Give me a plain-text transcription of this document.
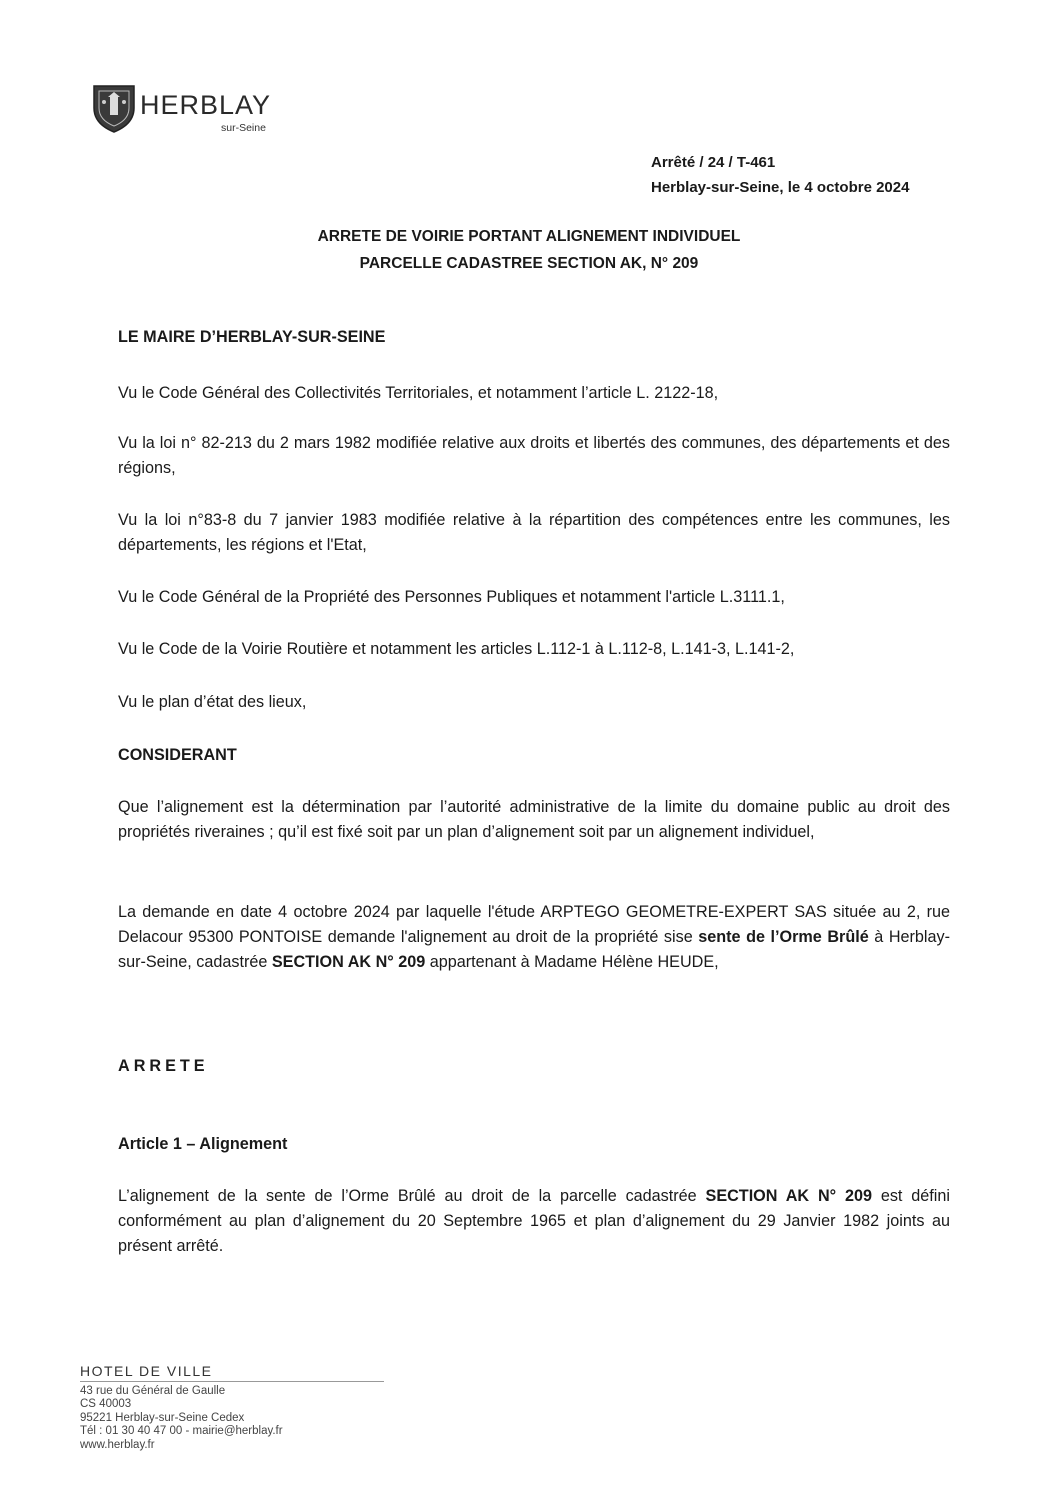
HERBLAY
sur-Seine
Arrêté / 24 / T-461
Herblay-sur-Seine, le 4 octobre 2024
ARRETE DE VOIRIE PORTANT ALIGNEMENT INDIVIDUEL
PARCELLE CADASTREE SECTION AK, N° 209
LE MAIRE D’HERBLAY-SUR-SEINE
Vu le Code Général des Collectivités Territoriales, et notamment l’article L. 2122-18,
Vu la loi n° 82-213 du 2 mars 1982 modifiée relative aux droits et libertés des communes, des départements et des régions,
Vu la loi n°83-8 du 7 janvier 1983 modifiée relative à la répartition des compétences entre les communes, les départements, les régions et l'Etat,
Vu le Code Général de la Propriété des Personnes Publiques et notamment l'article L.3111.1,
Vu le Code de la Voirie Routière et notamment les articles L.112-1 à L.112-8, L.141-3, L.141-2,
Vu le plan d’état des lieux,
CONSIDERANT
Que l’alignement est la détermination par l’autorité administrative de la limite du domaine public au droit des propriétés riveraines ; qu’il est fixé soit par un plan d’alignement soit par un alignement individuel,
La demande en date 4 octobre 2024 par laquelle l'étude ARPTEGO GEOMETRE-EXPERT SAS située au 2, rue Delacour 95300 PONTOISE demande l'alignement au droit de la propriété sise sente de l’Orme Brûlé à Herblay-sur-Seine, cadastrée SECTION AK N° 209 appartenant à Madame Hélène HEUDE,
ARRETE
Article 1 – Alignement
L’alignement de la sente de l’Orme Brûlé au droit de la parcelle cadastrée SECTION AK N° 209 est défini conformément au plan d’alignement du 20 Septembre 1965 et plan d’alignement du 29 Janvier 1982 joints au présent arrêté.
HOTEL DE VILLE
43 rue du Général de Gaulle
CS 40003
95221 Herblay-sur-Seine Cedex
Tél : 01 30 40 47 00 - mairie@herblay.fr
www.herblay.fr
